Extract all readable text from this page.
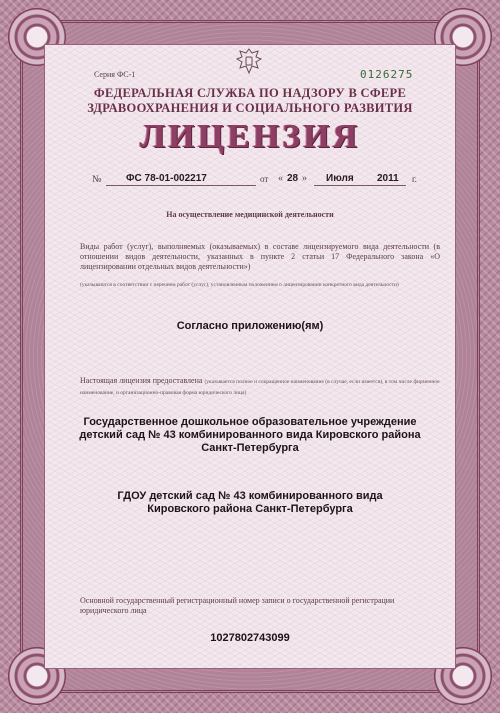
Серия ФС-1	0126275
ФЕДЕРАЛЬНАЯ СЛУЖБА ПО НАДЗОРУ В СФЕРЕ
ЗДРАВООХРАНЕНИЯ И СОЦИАЛЬНОГО РАЗВИТИЯ
ЛИЦЕНЗИЯ
№ ФС 78-01-002217	от « 28 » Июля 2011 г.
На осуществление медицинской деятельности
Виды работ (услуг), выполняемых (оказываемых) в составе лицензируемого вида деятельности (в отношении видов деятельности, указанных в пункте 2 статьи 17 Федерального закона «О лицензировании отдельных видов деятельности»)
(указываются в соответствии с перечнем работ (услуг), установленным положением о лицензировании конкретного вида деятельности)
Согласно приложению(ям)
Настоящая лицензия предоставлена (указывается полное и сокращенное наименование (в случае, если имеется), в том числе фирменное наименование, и организационно-правовая форма юридического лица)
Государственное дошкольное образовательное учреждение
детский сад № 43 комбинированного вида Кировского района
Санкт-Петербурга
ГДОУ детский сад № 43 комбинированного вида
Кировского района Санкт-Петербурга
Основной государственный регистрационный номер записи о государственной регистрации юридического лица
1027802743099
